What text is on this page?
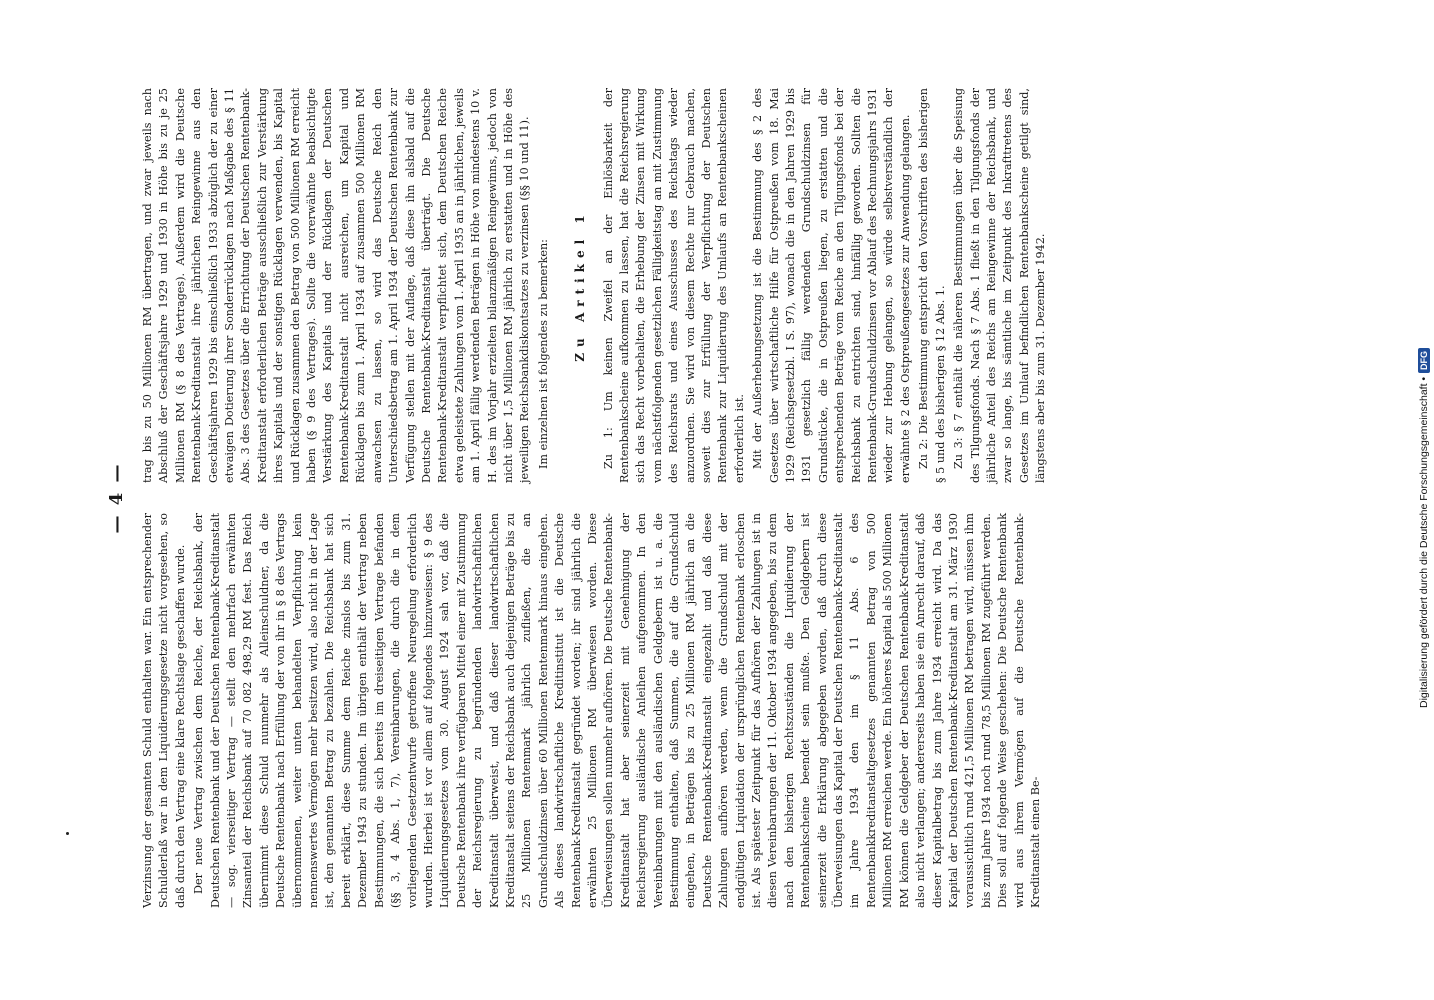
— 4 —

Verzinsung der gesamten Schuld enthalten war. Ein entsprechender Schulderlaß war in dem Liquidierungsgesetze nicht vorgesehen, so daß durch den Vertrag eine klare Rechtslage geschaffen wurde. Der neue Vertrag zwischen dem Reiche, der Reichsbank, der Deutschen Rentenbank und der Deutschen Rentenbank-Kreditanstalt — sog. vierseitiger Vertrag — stellt den mehrfach erwähnten Zinsanteil der Reichsbank auf 70 082 498,29 RM fest. Das Reich übernimmt diese Schuld nunmehr als Alleinschuldner, da die Deutsche Rentenbank nach Erfüllung der von ihr in § 8 des Vertrags übernommenen, weiter unten behandelten Verpflichtung kein nennenswertes Vermögen mehr besitzen wird, also nicht in der Lage ist, den genannten Betrag zu bezahlen. Die Reichsbank hat sich bereit erklärt, diese Summe dem Reiche zinslos bis zum 31. Dezember 1943 zu stunden. Im übrigen enthält der Vertrag neben Bestimmungen, die sich bereits im dreiseitigen Vertrage befanden (§§ 3, 4 Abs. 1, 7), Vereinbarungen, die durch die in dem vorliegenden Gesetzentwurfe getroffene Neuregelung erforderlich wurden. Hierbei ist vor allem auf folgendes hinzuweisen: § 9 des Liquidierungsgesetzes vom 30. August 1924 sah vor, daß die Deutsche Rentenbank ihre verfügbaren Mittel einer mit Zustimmung der Reichsregierung zu begründenden landwirtschaftlichen Kreditanstalt überweist, und daß dieser landwirtschaftlichen Kreditanstalt seitens der Reichsbank auch diejenigen Beträge bis zu 25 Millionen Rentenmark jährlich zufließen, die an Grundschuldzinsen über 60 Millionen Rentenmark hinaus eingehen. Als dieses landwirtschaftliche Kreditinstitut ist die Deutsche Rentenbank-Kreditanstalt gegründet worden; ihr sind jährlich die erwähnten 25 Millionen RM überwiesen worden. Diese Überweisungen sollen nunmehr aufhören. Die Deutsche Rentenbank-Kreditanstalt hat aber seinerzeit mit Genehmigung der Reichsregierung ausländische Anleihen aufgenommen. In den Vereinbarungen mit den ausländischen Geldgebern ist u. a. die Bestimmung enthalten, daß Summen, die auf die Grundschuld eingehen, in Beträgen bis zu 25 Millionen RM jährlich an die Deutsche Rentenbank-Kreditanstalt eingezahlt und daß diese Zahlungen aufhören werden, wenn die Grundschuld mit der endgültigen Liquidation der ursprünglichen Rentenbank erloschen ist. Als spätester Zeitpunkt für das Aufhören der Zahlungen ist in diesen Vereinbarungen der 11. Oktober 1934 angegeben, bis zu dem nach den bisherigen Rechtszuständen die Liquidierung der Rentenbankscheine beendet sein mußte. Den Geldgebern ist seinerzeit die Erklärung abgegeben worden, daß durch diese Überweisungen das Kapital der Deutschen Rentenbank-Kreditanstalt im Jahre 1934 den im § 11 Abs. 6 des Rentenbankkreditanstaltgesetzes genannten Betrag von 500 Millionen RM erreichen werde. Ein höheres Kapital als 500 Millionen RM können die Geldgeber der Deutschen Rentenbank-Kreditanstalt also nicht verlangen; andererseits haben sie ein Anrecht darauf, daß dieser Kapitalbetrag bis zum Jahre 1934 erreicht wird. Da das Kapital der Deutschen Rentenbank-Kreditanstalt am 31. März 1930 voraussichtlich rund 421,5 Millionen RM betragen wird, müssen ihm bis zum Jahre 1934 noch rund 78,5 Millionen RM zugeführt werden. Dies soll auf folgende Weise geschehen: Die Deutsche Rentenbank wird aus ihrem Vermögen auf die Deutsche Rentenbank-Kreditanstalt einen Be-

trag bis zu 50 Millionen RM übertragen, und zwar jeweils nach Abschluß der Geschäftsjahre 1929 und 1930 in Höhe bis zu je 25 Millionen RM (§ 8 des Vertrages). Außerdem wird die Deutsche Rentenbank-Kreditanstalt ihre jährlichen Reingewinne aus den Geschäftsjahren 1929 bis einschließlich 1933 abzüglich der zu einer etwaigen Dotierung ihrer Sonderrücklagen nach Maßgabe des § 11 Abs. 3 des Gesetzes über die Errichtung der Deutschen Rentenbank-Kreditanstalt erforderlichen Beträge ausschließlich zur Verstärkung ihres Kapitals und der sonstigen Rücklagen verwenden, bis Kapital und Rücklagen zusammen den Betrag von 500 Millionen RM erreicht haben (§ 9 des Vertrages). Sollte die vorerwähnte beabsichtigte Verstärkung des Kapitals und der Rücklagen der Deutschen Rentenbank-Kreditanstalt nicht ausreichen, um Kapital und Rücklagen bis zum 1. April 1934 auf zusammen 500 Millionen RM anwachsen zu lassen, so wird das Deutsche Reich den Unterschiedsbetrag am 1. April 1934 der Deutschen Rentenbank zur Verfügung stellen mit der Auflage, daß diese ihn alsbald auf die Deutsche Rentenbank-Kreditanstalt überträgt. Die Deutsche Rentenbank-Kreditanstalt verpflichtet sich, dem Deutschen Reiche etwa geleistete Zahlungen vom 1. April 1935 an in jährlichen, jeweils am 1. April fällig werdenden Beträgen in Höhe von mindestens 10 v. H. des im Vorjahr erzielten bilanzmäßigen Reingewinns, jedoch von nicht über 1,5 Millionen RM jährlich zu erstatten und in Höhe des jeweiligen Reichsbankdiskontsatzes zu verzinsen (§§ 10 und 11). Im einzelnen ist folgendes zu bemerken: Zu Artikel 1 Zu 1: Um keinen Zweifel an der Einlösbarkeit der Rentenbankscheine aufkommen zu lassen, hat die Reichsregierung sich das Recht vorbehalten, die Erhebung der Zinsen mit Wirkung vom nächstfolgenden gesetzlichen Fälligkeitstag an mit Zustimmung des Reichsrats und eines Ausschusses des Reichstags wieder anzuordnen. Sie wird von diesem Rechte nur Gebrauch machen, soweit dies zur Erfüllung der Verpflichtung der Deutschen Rentenbank zur Liquidierung des Umlaufs an Rentenbankscheinen erforderlich ist. Mit der Außerhebungsetzung ist die Bestimmung des § 2 des Gesetzes über wirtschaftliche Hilfe für Ostpreußen vom 18. Mai 1929 (Reichsgesetzbl. I S. 97), wonach die in den Jahren 1929 bis 1931 gesetzlich fällig werdenden Grundschuldzinsen für Grundstücke, die in Ostpreußen liegen, zu erstatten und die entsprechenden Beträge vom Reiche an den Tilgungsfonds bei der Reichsbank zu entrichten sind, hinfällig geworden. Sollten die Rentenbank-Grundschuldzinsen vor Ablauf des Rechnungsjahrs 1931 wieder zur Hebung gelangen, so würde selbstverständlich der erwähnte § 2 des Ostpreußengesetzes zur Anwendung gelangen. Zu 2: Die Bestimmung entspricht den Vorschriften des bisherigen § 5 und des bisherigen § 12 Abs. 1. Zu 3: § 7 enthält die näheren Bestimmungen über die Speisung des Tilgungsfonds. Nach § 7 Abs. 1 fließt in den Tilgungsfonds der jährliche Anteil des Reichs am Reingewinne der Reichsbank, und zwar so lange, bis sämtliche im Zeitpunkt des Inkrafttretens des Gesetzes im Umlauf befindlichen Rentenbankscheine getilgt sind, längstens aber bis zum 31. Dezember 1942.

Digitalisierung gefördert durch die Deutsche Forschungsgemeinschaft •
DFG
